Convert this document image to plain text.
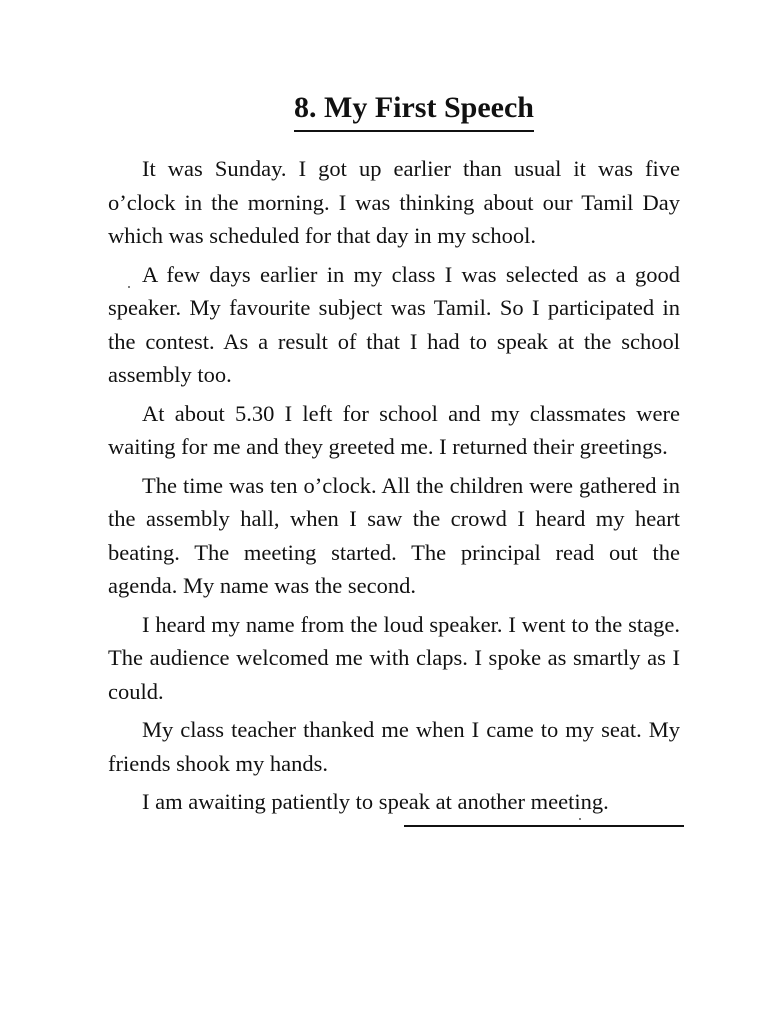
8. My First Speech

It was Sunday. I got up earlier than usual it was five o’clock in the morning. I was thinking about our Tamil Day which was scheduled for that day in my school.

A few days earlier in my class I was selected as a good speaker. My favourite subject was Tamil. So I participated in the contest. As a result of that I had to speak at the school assembly too.

At about 5.30 I left for school and my classmates were waiting for me and they greeted me. I returned their greetings.

The time was ten o’clock. All the children were gathered in the assembly hall, when I saw the crowd I heard my heart beating. The meeting started. The principal read out the agenda. My name was the second.

I heard my name from the loud speaker. I went to the stage. The audience welcomed me with claps. I spoke as smartly as I could.

My class teacher thanked me when I came to my seat. My friends shook my hands.

I am awaiting patiently to speak at another meeting.
